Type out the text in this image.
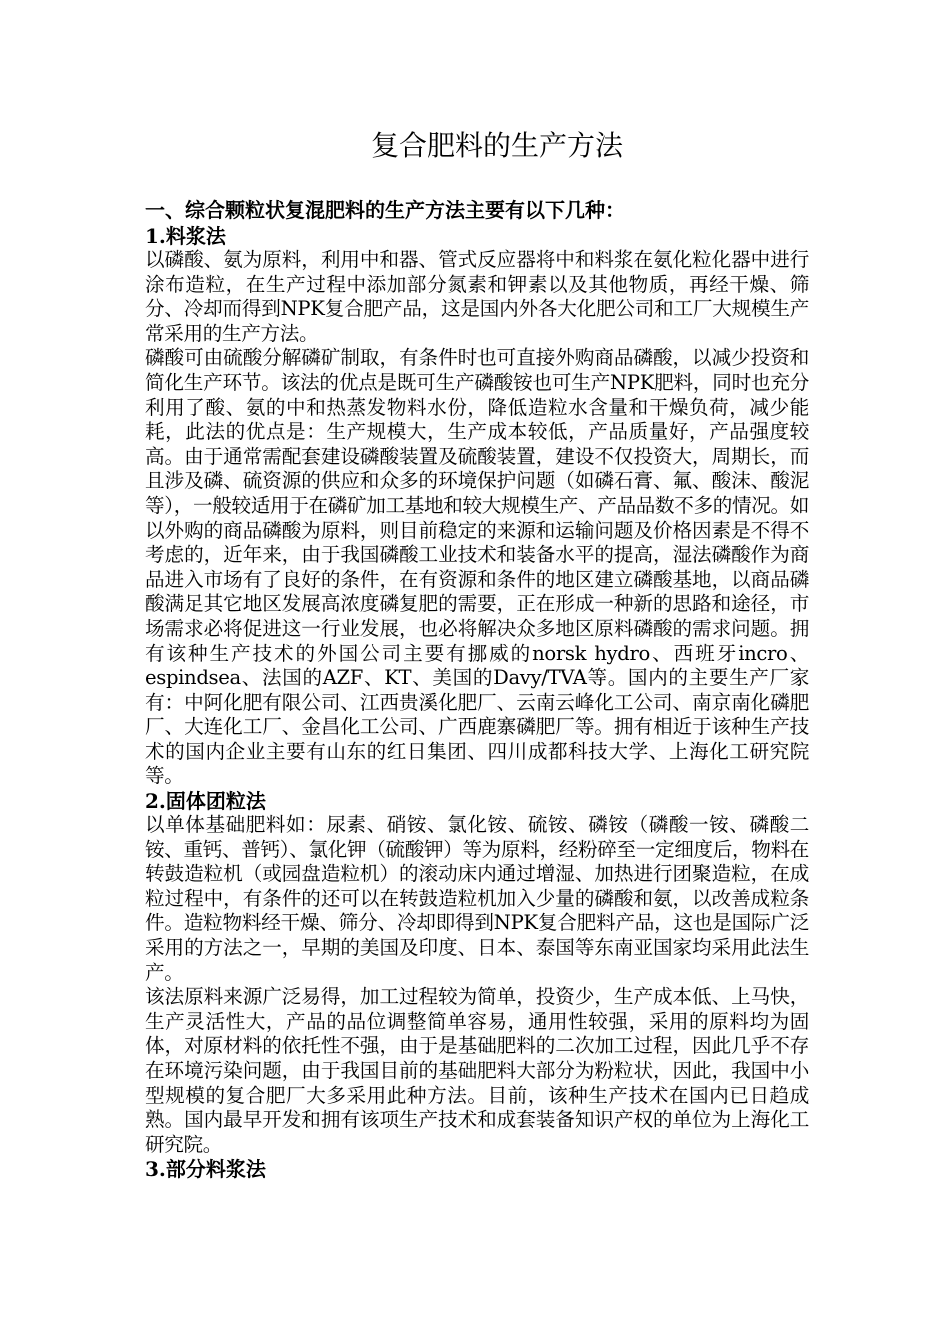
复合肥料的生产方法

一、综合颗粒状复混肥料的生产方法主要有以下几种：

1.料浆法

以磷酸、氨为原料，利用中和器、管式反应器将中和料浆在氨化粒化器中进行涂布造粒，在生产过程中添加部分氮素和钾素以及其他物质，再经干燥、筛分、冷却而得到NPK复合肥产品，这是国内外各大化肥公司和工厂大规模生产常采用的生产方法。

磷酸可由硫酸分解磷矿制取，有条件时也可直接外购商品磷酸，以减少投资和简化生产环节。该法的优点是既可生产磷酸铵也可生产NPK肥料，同时也充分利用了酸、氨的中和热蒸发物料水份，降低造粒水含量和干燥负荷，减少能耗，此法的优点是：生产规模大，生产成本较低，产品质量好，产品强度较高。由于通常需配套建设磷酸装置及硫酸装置，建设不仅投资大，周期长，而且涉及磷、硫资源的供应和众多的环境保护问题（如磷石膏、氟、酸沫、酸泥等），一般较适用于在磷矿加工基地和较大规模生产、产品品数不多的情况。如以外购的商品磷酸为原料，则目前稳定的来源和运输问题及价格因素是不得不考虑的，近年来，由于我国磷酸工业技术和装备水平的提高，湿法磷酸作为商品进入市场有了良好的条件，在有资源和条件的地区建立磷酸基地，以商品磷酸满足其它地区发展高浓度磷复肥的需要，正在形成一种新的思路和途径，市场需求必将促进这一行业发展，也必将解决众多地区原料磷酸的需求问题。拥有该种生产技术的外国公司主要有挪威的norsk hydro、西班牙incro、espindsea、法国的AZF、KT、美国的Davy/TVA等。国内的主要生产厂家有：中阿化肥有限公司、江西贵溪化肥厂、云南云峰化工公司、南京南化磷肥厂、大连化工厂、金昌化工公司、广西鹿寨磷肥厂等。拥有相近于该种生产技术的国内企业主要有山东的红日集团、四川成都科技大学、上海化工研究院等。

2.固体团粒法

以单体基础肥料如：尿素、硝铵、氯化铵、硫铵、磷铵（磷酸一铵、磷酸二铵、重钙、普钙）、氯化钾（硫酸钾）等为原料，经粉碎至一定细度后，物料在转鼓造粒机（或园盘造粒机）的滚动床内通过增湿、加热进行团聚造粒，在成粒过程中，有条件的还可以在转鼓造粒机加入少量的磷酸和氨，以改善成粒条件。造粒物料经干燥、筛分、冷却即得到NPK复合肥料产品，这也是国际广泛采用的方法之一，早期的美国及印度、日本、泰国等东南亚国家均采用此法生产。

该法原料来源广泛易得，加工过程较为简单，投资少，生产成本低、上马快，生产灵活性大，产品的品位调整简单容易，通用性较强，采用的原料均为固体，对原材料的依托性不强，由于是基础肥料的二次加工过程，因此几乎不存在环境污染问题，由于我国目前的基础肥料大部分为粉粒状，因此，我国中小型规模的复合肥厂大多采用此种方法。目前，该种生产技术在国内已日趋成熟。国内最早开发和拥有该项生产技术和成套装备知识产权的单位为上海化工研究院。

3.部分料浆法
